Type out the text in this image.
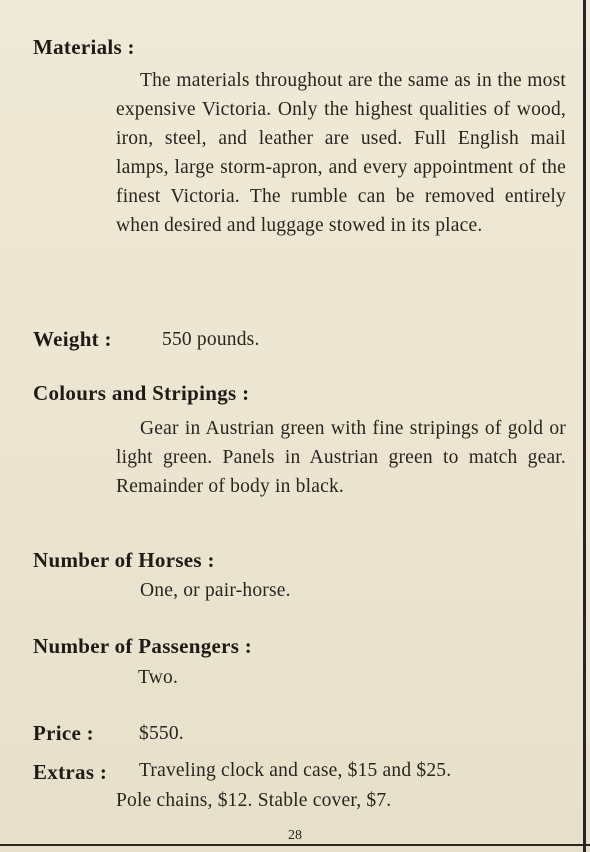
Materials :
The materials throughout are the same as in the most expensive Victoria. Only the highest qualities of wood, iron, steel, and leather are used. Full English mail lamps, large storm-apron, and every appointment of the finest Victoria. The rumble can be removed entirely when desired and luggage stowed in its place.
Weight :	550 pounds.
Colours and Stripings :
Gear in Austrian green with fine stripings of gold or light green. Panels in Austrian green to match gear. Remainder of body in black.
Number of Horses :
One, or pair-horse.
Number of Passengers :
Two.
Price : $550.
Extras : Traveling clock and case, $15 and $25.
Pole chains, $12. Stable cover, $7.
28
